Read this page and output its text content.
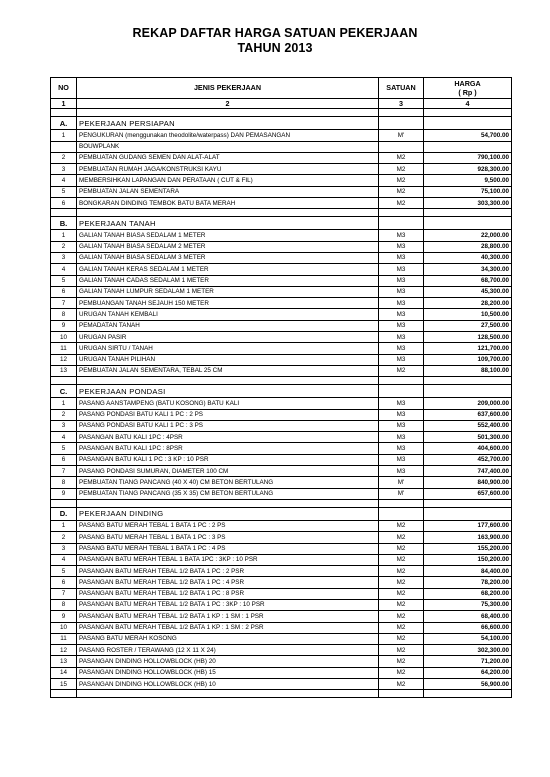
REKAP DAFTAR HARGA SATUAN PEKERJAAN
TAHUN 2013
NO	JENIS PEKERJAAN	SATUAN	HARGA
( Rp )
1	2	3	4

A.	PEKERJAAN PERSIAPAN		
1	PENGUKURAN (menggunakan theodolite/waterpass) DAN PEMASANGAN	M'	54,700.00
	BOUWPLANK		
2	PEMBUATAN GUDANG SEMEN DAN ALAT-ALAT	M2	790,100.00
3	PEMBUATAN RUMAH JAGA/KONSTRUKSI KAYU	M2	928,300.00
4	MEMBERSIHKAN LAPANGAN DAN PERATAAN ( CUT & FIL)	M2	9,500.00
5	PEMBUATAN JALAN SEMENTARA	M2	75,100.00
6	BONGKARAN DINDING TEMBOK BATU BATA MERAH	M2	303,300.00

B.	PEKERJAAN TANAH		
1	GALIAN TANAH BIASA SEDALAM 1 METER	M3	22,000.00
2	GALIAN TANAH BIASA SEDALAM 2 METER	M3	28,800.00
3	GALIAN TANAH BIASA SEDALAM 3 METER	M3	40,300.00
4	GALIAN TANAH KERAS SEDALAM 1 METER	M3	34,300.00
5	GALIAN TANAH CADAS SEDALAM 1 METER	M3	68,700.00
6	GALIAN TANAH LUMPUR SEDALAM 1 METER	M3	45,300.00
7	PEMBUANGAN TANAH SEJAUH 150 METER	M3	28,200.00
8	URUGAN TANAH KEMBALI	M3	10,500.00
9	PEMADATAN TANAH	M3	27,500.00
10	URUGAN PASIR	M3	128,500.00
11	URUGAN SIRTU / TANAH	M3	121,700.00
12	URUGAN TANAH PILIHAN	M3	109,700.00
13	PEMBUATAN JALAN SEMENTARA, TEBAL 25 CM	M2	88,100.00

C.	PEKERJAAN PONDASI		
1	PASANG AANSTAMPENG (BATU KOSONG) BATU KALI	M3	209,000.00
2	PASANG PONDASI BATU KALI 1 PC : 2 PS	M3	637,600.00
3	PASANG PONDASI BATU KALI 1 PC : 3 PS	M3	552,400.00
4	PASANGAN BATU KALI 1PC : 4PSR	M3	501,300.00
5	PASANGAN BATU KALI 1PC : 8PSR	M3	404,600.00
6	PASANGAN BATU KALI 1 PC : 3 KP : 10 PSR	M3	452,700.00
7	PASANG PONDASI SUMURAN, DIAMETER 100 CM	M3	747,400.00
8	PEMBUATAN TIANG PANCANG (40 X 40) CM BETON BERTULANG	M'	840,900.00
9	PEMBUATAN TIANG PANCANG (35 X 35) CM BETON BERTULANG	M'	657,600.00

D.	PEKERJAAN DINDING		
1	PASANG BATU MERAH TEBAL 1 BATA 1 PC : 2 PS	M2	177,600.00
2	PASANG BATU MERAH TEBAL 1 BATA 1 PC : 3 PS	M2	163,900.00
3	PASANG BATU MERAH TEBAL 1 BATA 1 PC : 4 PS	M2	155,200.00
4	PASANGAN BATU MERAH TEBAL 1 BATA 1PC : 3KP : 10 PSR	M2	150,200.00
5	PASANGAN BATU MERAH TEBAL 1/2 BATA 1 PC : 2 PSR	M2	84,400.00
6	PASANGAN BATU MERAH TEBAL 1/2 BATA 1 PC : 4 PSR	M2	78,200.00
7	PASANGAN BATU MERAH TEBAL 1/2 BATA 1 PC : 8 PSR	M2	68,200.00
8	PASANGAN BATU MERAH TEBAL 1/2 BATA 1 PC : 3KP : 10 PSR	M2	75,300.00
9	PASANGAN BATU MERAH TEBAL 1/2 BATA 1 KP : 1 SM : 1 PSR	M2	68,400.00
10	PASANGAN BATU MERAH TEBAL 1/2 BATA 1 KP : 1 SM : 2 PSR	M2	66,600.00
11	PASANG BATU MERAH KOSONG	M2	54,100.00
12	PASANG ROSTER / TERAWANG (12 X 11 X 24)	M2	302,300.00
13	PASANGAN DINDING HOLLOWBLOCK (HB) 20	M2	71,200.00
14	PASANGAN DINDING HOLLOWBLOCK (HB) 15	M2	64,200.00
15	PASANGAN DINDING HOLLOWBLOCK (HB) 10	M2	56,900.00
